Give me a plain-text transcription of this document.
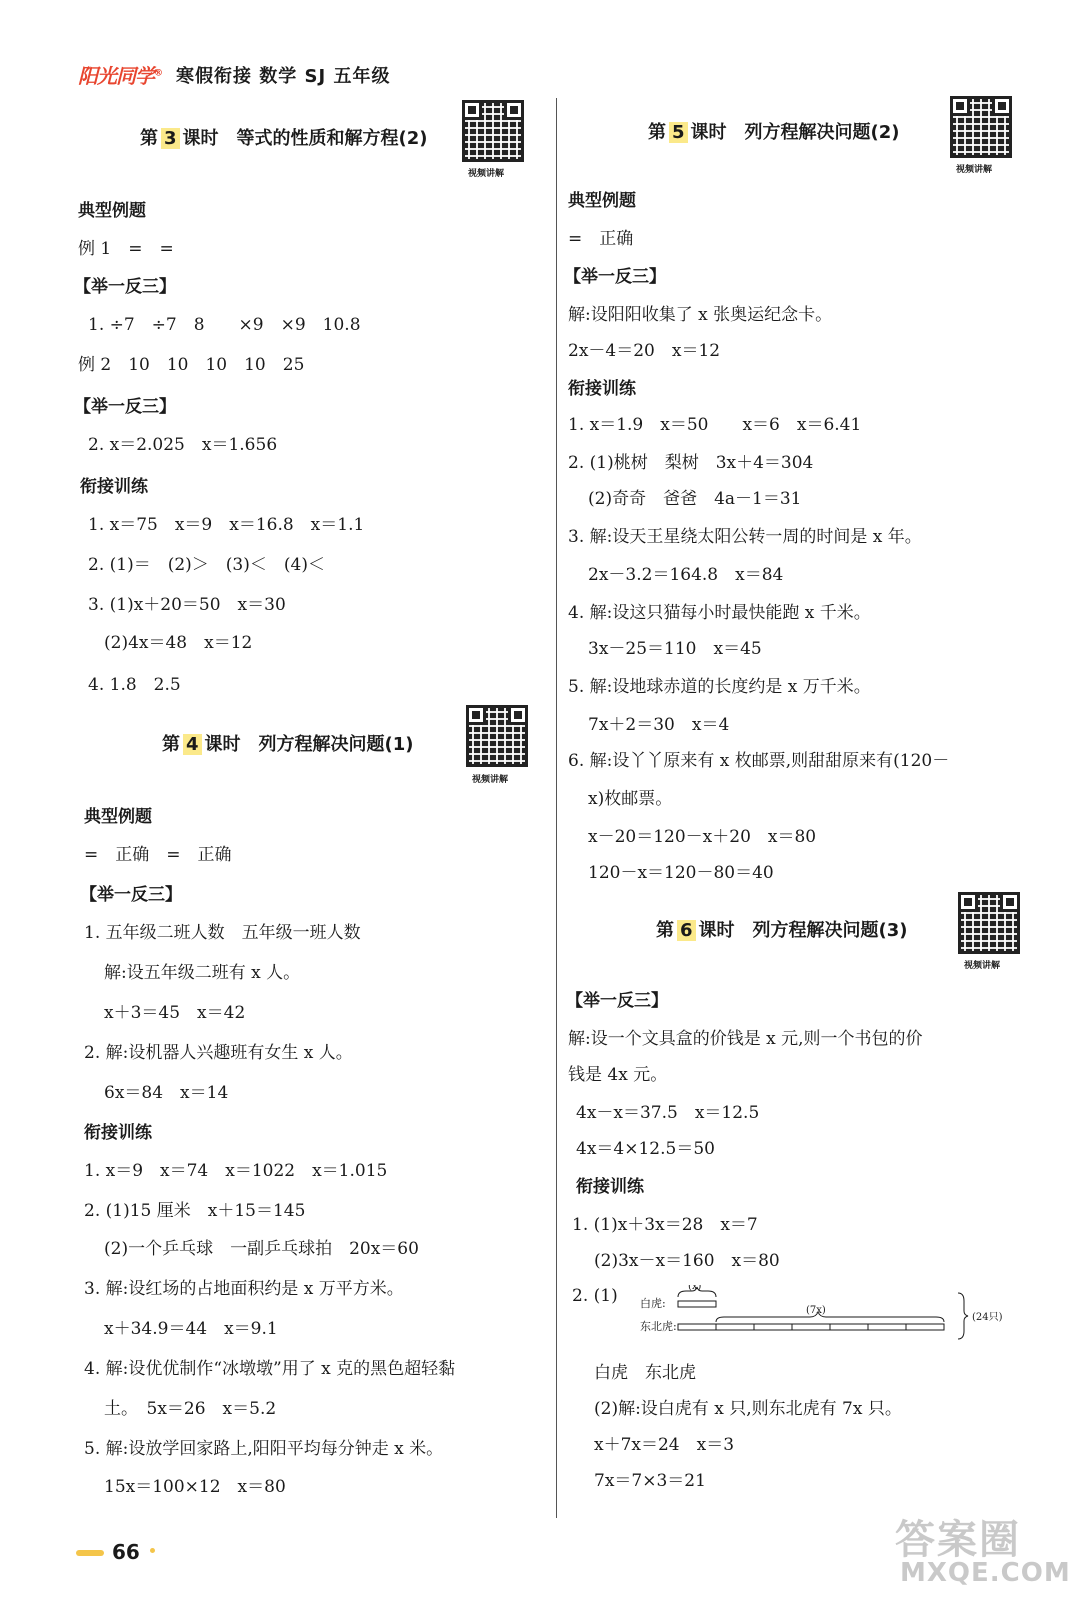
阳光同学® 寒假衔接 数学 SJ 五年级
第 3 课时　等式的性质和解方程(2)
视频讲解
典型例题
例 1　=　=
【举一反三】
1. ÷7　÷7　8　　×9　×9　10.8
例 2　10　10　10　10　25
【举一反三】
2. x＝2.025　x＝1.656
衔接训练
1. x＝75　x＝9　x＝16.8　x＝1.1
2. (1)＝　(2)＞　(3)＜　(4)＜
3. (1)x＋20＝50　x＝30
(2)4x＝48　x＝12
4. 1.8　2.5
第 4 课时　列方程解决问题(1)
视频讲解
典型例题
=　正确　=　正确
【举一反三】
1. 五年级二班人数　五年级一班人数
解:设五年级二班有 x 人。
x＋3＝45　x＝42
2. 解:设机器人兴趣班有女生 x 人。
6x＝84　x＝14
衔接训练
1. x＝9　x＝74　x＝1022　x＝1.015
2. (1)15 厘米　x＋15＝145
(2)一个乒乓球　一副乒乓球拍　20x＝60
3. 解:设红场的占地面积约是 x 万平方米。
x＋34.9＝44　x＝9.1
4. 解:设优优制作“冰墩墩”用了 x 克的黑色超轻黏
土。　5x＝26　x＝5.2
5. 解:设放学回家路上,阳阳平均每分钟走 x 米。
15x＝100×12　x＝80
第 5 课时　列方程解决问题(2)
视频讲解
典型例题
=　正确
【举一反三】
解:设阳阳收集了 x 张奥运纪念卡。
2x－4＝20　x＝12
衔接训练
1. x＝1.9　x＝50　　x＝6　x＝6.41
2. (1)桃树　梨树　3x＋4＝304
(2)奇奇　爸爸　4a－1＝31
3. 解:设天王星绕太阳公转一周的时间是 x 年。
2x－3.2＝164.8　x＝84
4. 解:设这只猫每小时最快能跑 x 千米。
3x－25＝110　x＝45
5. 解:设地球赤道的长度约是 x 万千米。
7x＋2＝30　x＝4
6. 解:设丫丫原来有 x 枚邮票,则甜甜原来有(120－
x)枚邮票。
x－20＝120－x＋20　x＝80
120－x＝120－80＝40
第 6 课时　列方程解决问题(3)
视频讲解
【举一反三】
解:设一个文具盒的价钱是 x 元,则一个书包的价
钱是 4x 元。
4x－x＝37.5　x＝12.5
4x＝4×12.5＝50
衔接训练
1. (1)x＋3x＝28　x＝7
(2)3x－x＝160　x＝80
2. (1) 白虎:
东北虎:
(x)
(7x)
(24只)
白虎　东北虎
(2)解:设白虎有 x 只,则东北虎有 7x 只。
x＋7x＝24　x＝3
7x＝7×3＝21
66	答案圈
MXQE.COM
